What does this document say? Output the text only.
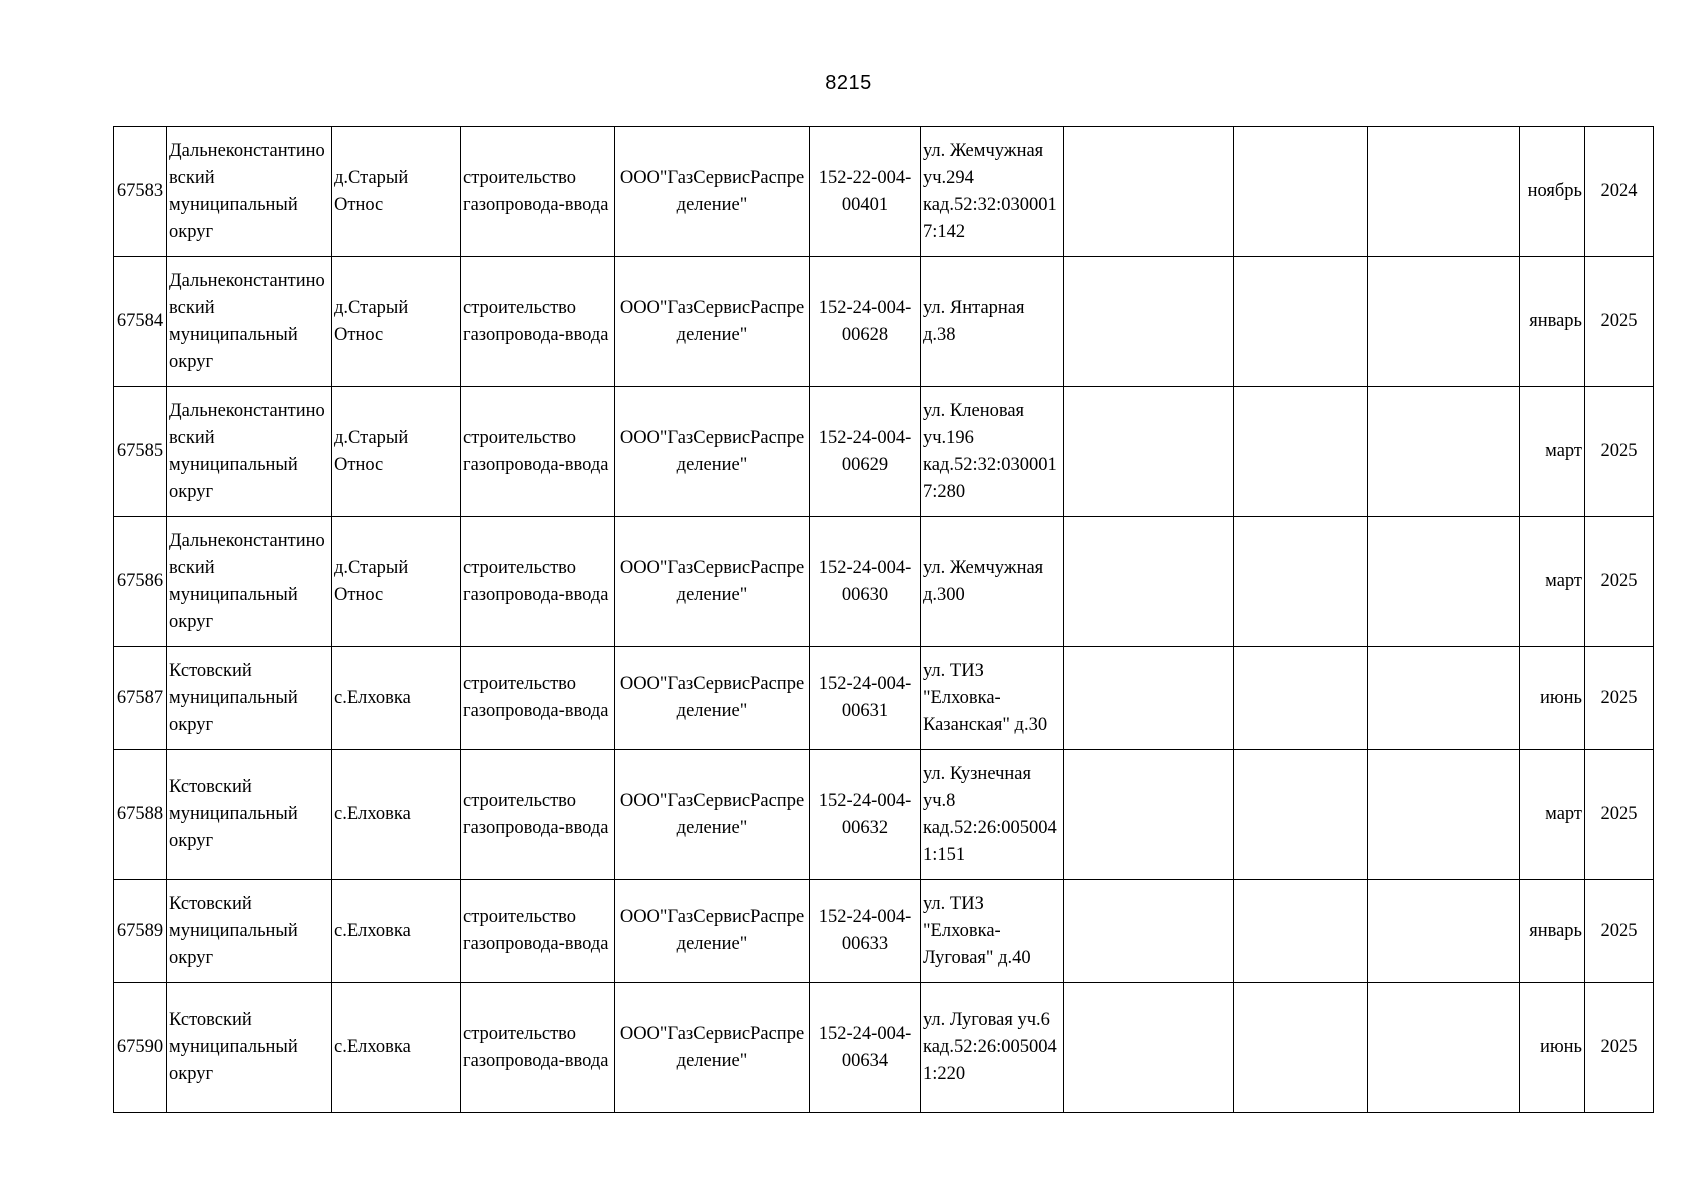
8215
67583	Дальнеконстантиновский муниципальный округ	д.Старый Относ	строительство газопровода-ввода	ООО"ГазСервисРаспределение"	152-22-004-00401	ул. Жемчужная уч.294 кад.52:32:0300017:142				ноябрь	2024
67584	Дальнеконстантиновский муниципальный округ	д.Старый Относ	строительство газопровода-ввода	ООО"ГазСервисРаспределение"	152-24-004-00628	ул. Янтарная д.38				январь	2025
67585	Дальнеконстантиновский муниципальный округ	д.Старый Относ	строительство газопровода-ввода	ООО"ГазСервисРаспределение"	152-24-004-00629	ул. Кленовая уч.196 кад.52:32:0300017:280				март	2025
67586	Дальнеконстантиновский муниципальный округ	д.Старый Относ	строительство газопровода-ввода	ООО"ГазСервисРаспределение"	152-24-004-00630	ул. Жемчужная д.300				март	2025
67587	Кстовский муниципальный округ	с.Елховка	строительство газопровода-ввода	ООО"ГазСервисРаспределение"	152-24-004-00631	ул. ТИЗ "Елховка-Казанская" д.30				июнь	2025
67588	Кстовский муниципальный округ	с.Елховка	строительство газопровода-ввода	ООО"ГазСервисРаспределение"	152-24-004-00632	ул. Кузнечная уч.8 кад.52:26:0050041:151				март	2025
67589	Кстовский муниципальный округ	с.Елховка	строительство газопровода-ввода	ООО"ГазСервисРаспределение"	152-24-004-00633	ул. ТИЗ "Елховка-Луговая" д.40				январь	2025
67590	Кстовский муниципальный округ	с.Елховка	строительство газопровода-ввода	ООО"ГазСервисРаспределение"	152-24-004-00634	ул. Луговая уч.6 кад.52:26:0050041:220				июнь	2025
